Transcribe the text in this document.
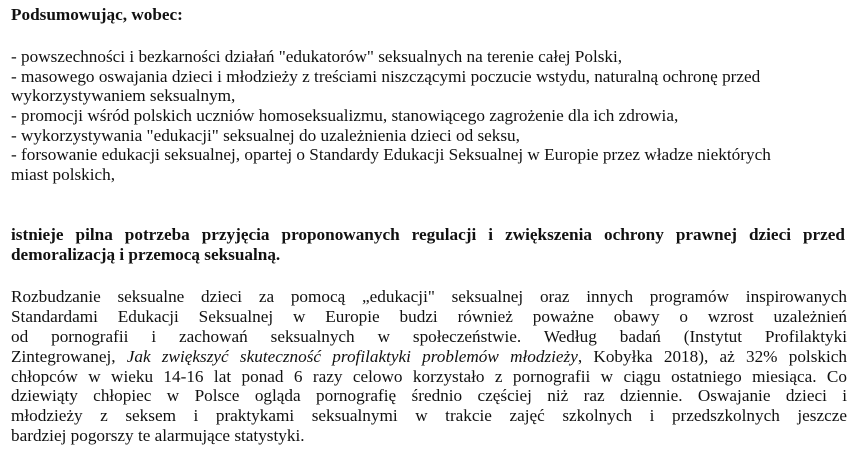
Podsumowując, wobec:
- powszechności i bezkarności działań "edukatorów" seksualnych na terenie całej Polski,
- masowego oswajania dzieci i młodzieży z treściami niszczącymi poczucie wstydu, naturalną ochronę przed
wykorzystywaniem seksualnym,
- promocji wśród polskich uczniów homoseksualizmu, stanowiącego zagrożenie dla ich zdrowia,
- wykorzystywania "edukacji" seksualnej do uzależnienia dzieci od seksu,
- forsowanie edukacji seksualnej, opartej o Standardy Edukacji Seksualnej w Europie przez władze niektórych
miast polskich,
istnieje pilna potrzeba przyjęcia proponowanych regulacji i zwiększenia ochrony prawnej dzieci przed
demoralizacją i przemocą seksualną.
Rozbudzanie seksualne dzieci za pomocą „edukacji" seksualnej oraz innych programów inspirowanych
Standardami Edukacji Seksualnej w Europie budzi również poważne obawy o wzrost uzależnień
od pornografii i zachowań seksualnych w społeczeństwie. Według badań (Instytut Profilaktyki
Zintegrowanej, Jak zwiększyć skuteczność profilaktyki problemów młodzieży, Kobyłka 2018), aż 32% polskich
chłopców w wieku 14-16 lat ponad 6 razy celowo korzystało z pornografii w ciągu ostatniego miesiąca. Co
dziewiąty chłopiec w Polsce ogląda pornografię średnio częściej niż raz dziennie. Oswajanie dzieci i
młodzieży z seksem i praktykami seksualnymi w trakcie zajęć szkolnych i przedszkolnych jeszcze
bardziej pogorszy te alarmujące statystyki.
